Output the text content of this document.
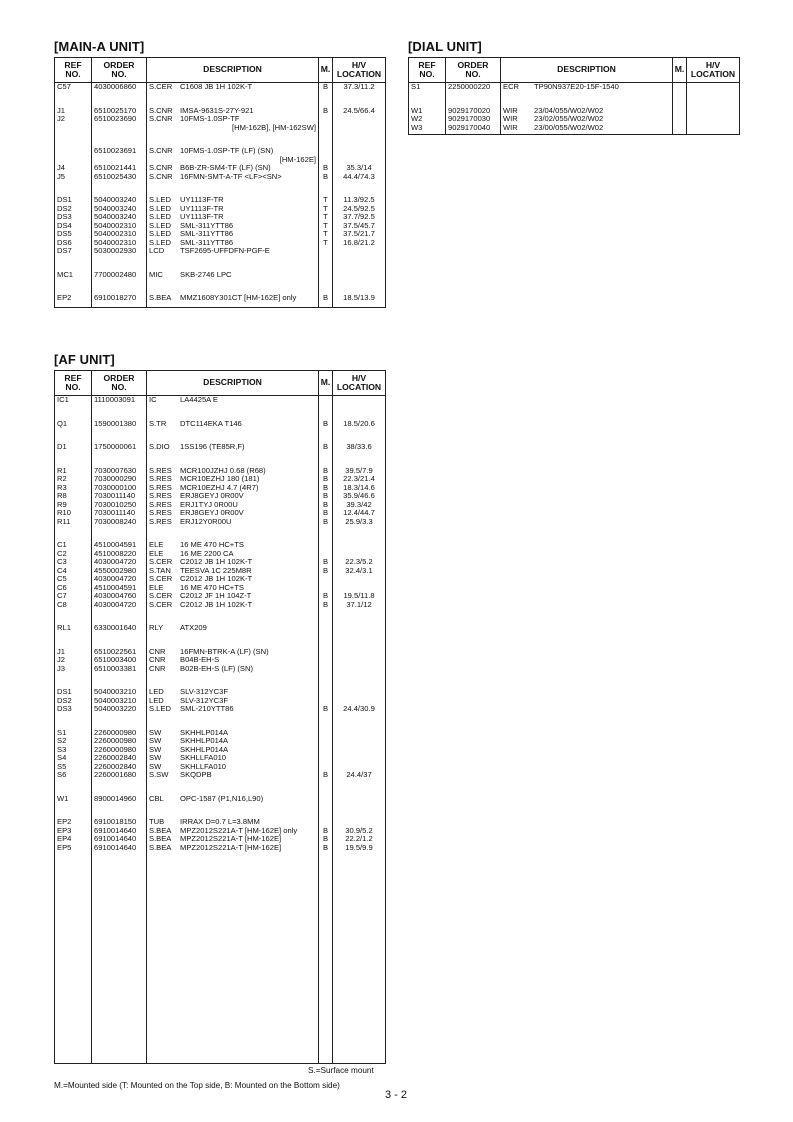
[MAIN-A UNIT]
REF
NO.	ORDER
NO.	DESCRIPTION	M.	H/V
LOCATION
C57	4030006860	S.CER C1608 JB 1H 102K-T	B	37.3/11.2

J1	6510025170	S.CNR IMSA-9631S-27Y-921	B	24.5/66.4
J2	6510023690	S.CNR 10FMS-1.0SP-TF		
		[HM-162B], [HM-162SW]		

	6510023691	S.CNR 10FMS-1.0SP-TF (LF) (SN)		
		[HM-162E]		
J4	6510021441	S.CNR B6B-ZR-SM4-TF (LF) (SN)	B	35.3/14
J5	6510025430	S.CNR 16FMN-SMT-A-TF <LF><SN>	B	44.4/74.3

DS1	5040003240	S.LED UY1113F-TR	T	11.3/92.5
DS2	5040003240	S.LED UY1113F-TR	T	24.5/92.5
DS3	5040003240	S.LED UY1113F-TR	T	37.7/92.5
DS4	5040002310	S.LED SML-311YTT86	T	37.5/45.7
DS5	5040002310	S.LED SML-311YTT86	T	37.5/21.7
DS6	5040002310	S.LED SML-311YTT86	T	16.8/21.2
DS7	5030002930	LCD TSF2695-UFFDFN-PGF-E		

MC1	7700002480	MIC SKB-2746 LPC		

EP2	6910018270	S.BEA MMZ1608Y301CT [HM-162E] only	B	18.5/13.9

[DIAL UNIT]
REF
NO.	ORDER
NO.	DESCRIPTION	M.	H/V
LOCATION
S1	2250000220	ECR TP90N937E20-15F-1540		

W1	9029170020	WIR 23/04/055/W02/W02		
W2	9029170030	WIR 23/02/055/W02/W02		
W3	9029170040	WIR 23/00/055/W02/W02		

[AF UNIT]
REF
NO.	ORDER
NO.	DESCRIPTION	M.	H/V
LOCATION
IC1	1110003091	IC LA4425A E		

Q1	1590001380	S.TR DTC114EKA T146	B	18.5/20.6

D1	1750000061	S.DIO 1SS196 (TE85R,F)	B	38/33.6

R1	7030007630	S.RES MCR100JZHJ 0.68 (R68)	B	39.5/7.9
R2	7030000290	S.RES MCR10EZHJ 180 (181)	B	22.3/21.4
R3	7030000100	S.RES MCR10EZHJ 4.7 (4R7)	B	18.3/14.6
R8	7030011140	S.RES ERJ8GEYJ 0R00V	B	35.9/46.6
R9	7030010250	S.RES ERJ1TYJ 0R00U	B	39.3/42
R10	7030011140	S.RES ERJ8GEYJ 0R00V	B	12.4/44.7
R11	7030008240	S.RES ERJ12Y0R00U	B	25.9/3.3

C1	4510004591	ELE 16 ME 470 HC+TS		
C2	4510008220	ELE 16 ME 2200 CA		
C3	4030004720	S.CER C2012 JB 1H 102K-T	B	22.3/5.2
C4	4550002980	S.TAN TEESVA 1C 225M8R	B	32.4/3.1
C5	4030004720	S.CER C2012 JB 1H 102K-T		
C6	4510004591	ELE 16 ME 470 HC+TS		
C7	4030004760	S.CER C2012 JF 1H 104Z-T	B	19.5/11.8
C8	4030004720	S.CER C2012 JB 1H 102K-T	B	37.1/12

RL1	6330001640	RLY ATX209		

J1	6510022561	CNR 16FMN-BTRK-A (LF) (SN)		
J2	6510003400	CNR B04B-EH-S		
J3	6510003381	CNR B02B-EH-S (LF) (SN)		

DS1	5040003210	LED SLV-312YC3F		
DS2	5040003210	LED SLV-312YC3F		
DS3	5040003220	S.LED SML-210YTT86	B	24.4/30.9

S1	2260000980	SW SKHHLP014A		
S2	2260000980	SW SKHHLP014A		
S3	2260000980	SW SKHHLP014A		
S4	2260002840	SW SKHLLFA010		
S5	2260002840	SW SKHLLFA010		
S6	2260001680	S.SW SKQDPB	B	24.4/37

W1	8900014960	CBL OPC-1587 (P1,N16,L90)		

EP2	6910018150	TUB IRRAX D=0.7 L=3.8MM		
EP3	6910014640	S.BEA MPZ2012S221A-T [HM-162E] only	B	30.9/5.2
EP4	6910014640	S.BEA MPZ2012S221A-T [HM-162E]	B	22.2/1.2
EP5	6910014640	S.BEA MPZ2012S221A-T [HM-162E]	B	19.5/9.9

S.=Surface mount
M.=Mounted side (T: Mounted on the Top side, B: Mounted on the Bottom side)
3 - 2
